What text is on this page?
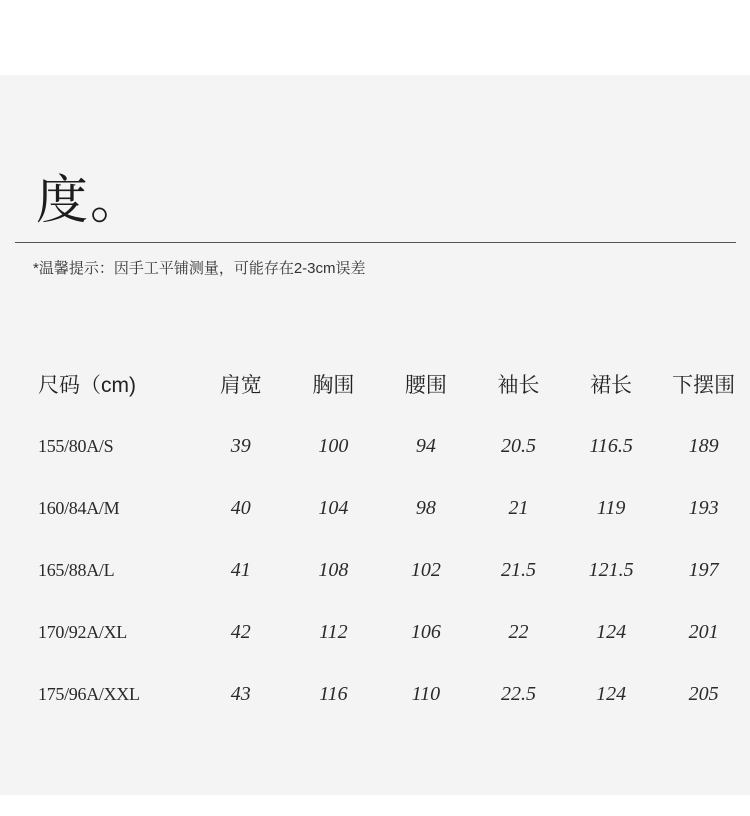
度。
*温馨提示：因手工平铺测量，可能存在2-3cm误差
尺码（cm)	肩宽	胸围	腰围	袖长	裙长	下摆围
155/80A/S	39	100	94	20.5	116.5	189
160/84A/M	40	104	98	21	119	193
165/88A/L	41	108	102	21.5	121.5	197
170/92A/XL	42	112	106	22	124	201
175/96A/XXL	43	116	110	22.5	124	205
